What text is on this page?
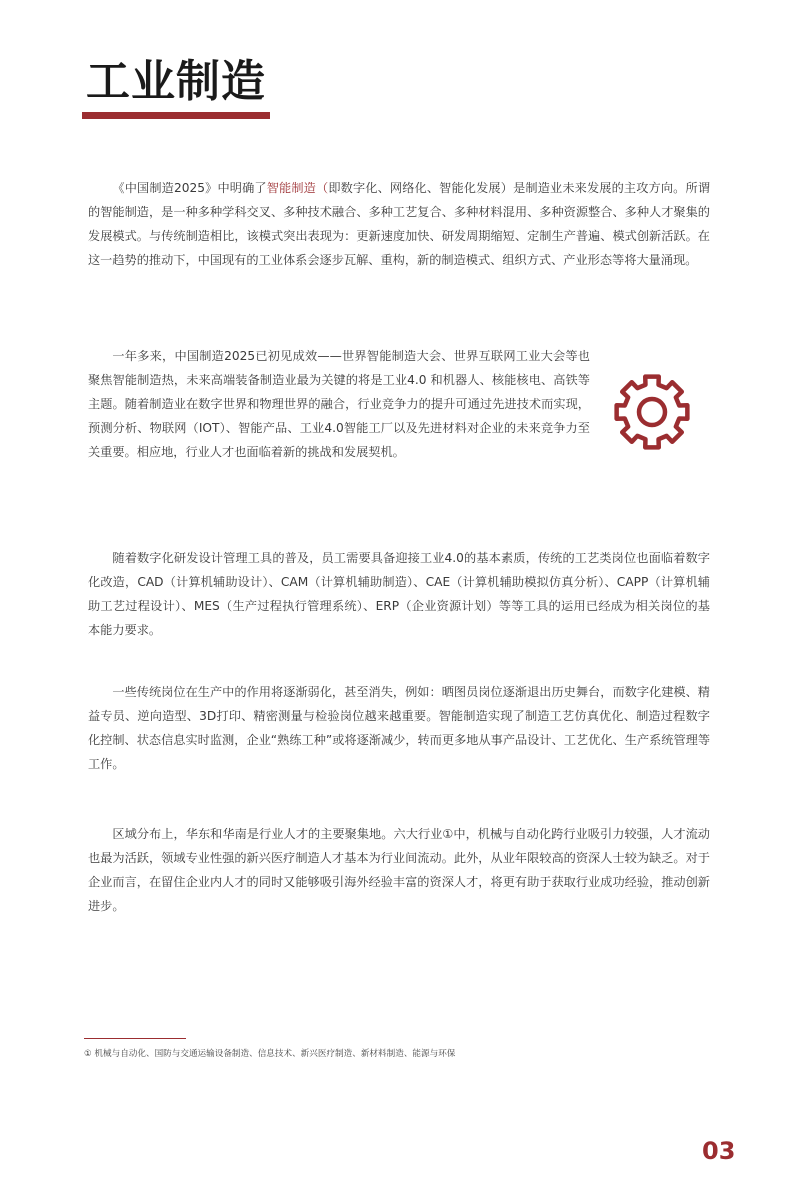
工业制造

《中国制造2025》中明确了智能制造（即数字化、网络化、智能化发展）是制造业未来发展的主攻方向。所谓的智能制造，是一种多种学科交叉、多种技术融合、多种工艺复合、多种材料混用、多种资源整合、多种人才聚集的发展模式。与传统制造相比，该模式突出表现为：更新速度加快、研发周期缩短、定制生产普遍、模式创新活跃。在这一趋势的推动下，中国现有的工业体系会逐步瓦解、重构，新的制造模式、组织方式、产业形态等将大量涌现。

一年多来，中国制造2025已初见成效——世界智能制造大会、世界互联网工业大会等也聚焦智能制造热，未来高端装备制造业最为关键的将是工业4.0 和机器人、核能核电、高铁等主题。随着制造业在数字世界和物理世界的融合，行业竞争力的提升可通过先进技术而实现，预测分析、物联网（IOT）、智能产品、工业4.0智能工厂以及先进材料对企业的未来竞争力至关重要。相应地，行业人才也面临着新的挑战和发展契机。

随着数字化研发设计管理工具的普及，员工需要具备迎接工业4.0的基本素质，传统的工艺类岗位也面临着数字化改造，CAD（计算机辅助设计）、CAM（计算机辅助制造）、CAE（计算机辅助模拟仿真分析）、CAPP（计算机辅助工艺过程设计）、MES（生产过程执行管理系统）、ERP（企业资源计划）等等工具的运用已经成为相关岗位的基本能力要求。

一些传统岗位在生产中的作用将逐渐弱化，甚至消失，例如：晒图员岗位逐渐退出历史舞台，而数字化建模、精益专员、逆向造型、3D打印、精密测量与检验岗位越来越重要。智能制造实现了制造工艺仿真优化、制造过程数字化控制、状态信息实时监测，企业“熟练工种”或将逐渐减少，转而更多地从事产品设计、工艺优化、生产系统管理等工作。

区域分布上，华东和华南是行业人才的主要聚集地。六大行业①中，机械与自动化跨行业吸引力较强，人才流动也最为活跃，领域专业性强的新兴医疗制造人才基本为行业间流动。此外，从业年限较高的资深人士较为缺乏。对于企业而言，在留住企业内人才的同时又能够吸引海外经验丰富的资深人才，将更有助于获取行业成功经验，推动创新进步。

① 机械与自动化、国防与交通运输设备制造、信息技术、新兴医疗制造、新材料制造、能源与环保
03
